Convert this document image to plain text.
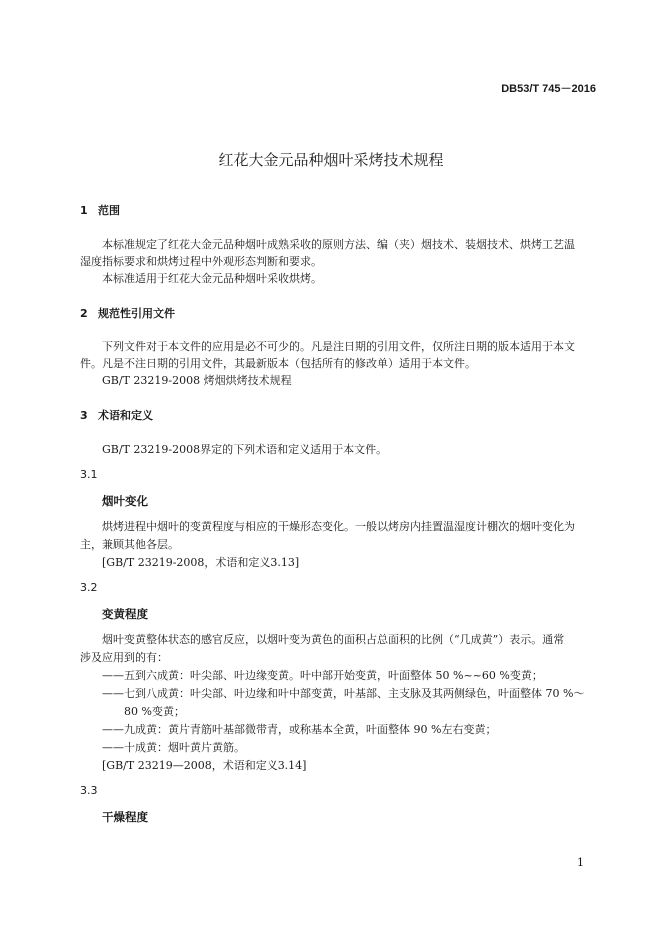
DB53/T 745－2016
红花大金元品种烟叶采烤技术规程
1 范围
本标准规定了红花大金元品种烟叶成熟采收的原则方法、编（夹）烟技术、装烟技术、烘烤工艺温
湿度指标要求和烘烤过程中外观形态判断和要求。
本标准适用于红花大金元品种烟叶采收烘烤。
2 规范性引用文件
下列文件对于本文件的应用是必不可少的。凡是注日期的引用文件，仅所注日期的版本适用于本文
件。凡是不注日期的引用文件，其最新版本（包括所有的修改单）适用于本文件。
GB/T 23219-2008 烤烟烘烤技术规程
3 术语和定义
GB/T 23219-2008界定的下列术语和定义适用于本文件。
3.1
烟叶变化
烘烤进程中烟叶的变黄程度与相应的干燥形态变化。一般以烤房内挂置温湿度计棚次的烟叶变化为
主，兼顾其他各层。
[GB/T 23219-2008，术语和定义3.13]
3.2
变黄程度
烟叶变黄整体状态的感官反应，以烟叶变为黄色的面积占总面积的比例（“几成黄”）表示。通常
涉及应用到的有：
——五到六成黄：叶尖部、叶边缘变黄。叶中部开始变黄，叶面整体 50 %~~60 %变黄；
——七到八成黄：叶尖部、叶边缘和叶中部变黄，叶基部、主支脉及其两侧绿色，叶面整体 70 %～
80 %变黄；
——九成黄：黄片青筋叶基部微带青，或称基本全黄，叶面整体 90 %左右变黄；
——十成黄：烟叶黄片黄筋。
[GB/T 23219—2008，术语和定义3.14]
3.3
干燥程度
1
